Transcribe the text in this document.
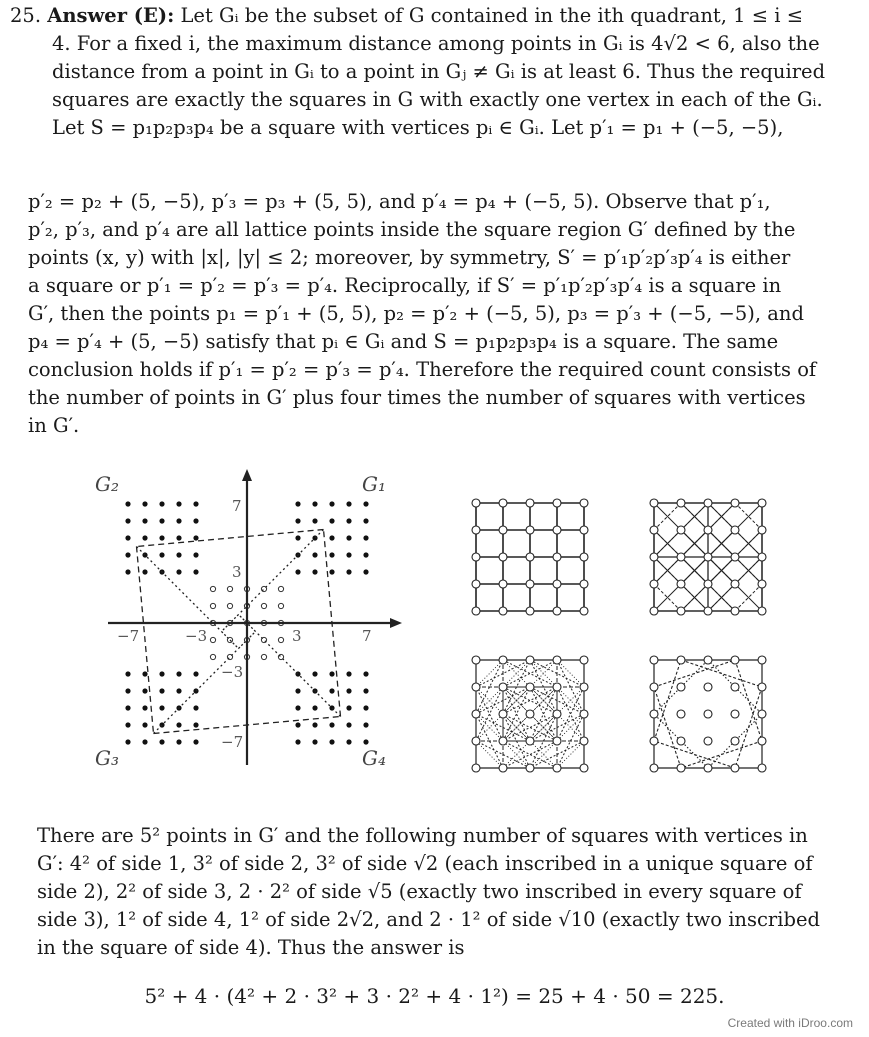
25. Answer (E): Let Gᵢ be the subset of G contained in the ith quadrant, 1 ≤ i ≤
4. For a fixed i, the maximum distance among points in Gᵢ is 4√2 < 6, also the
distance from a point in Gᵢ to a point in Gⱼ ≠ Gᵢ is at least 6. Thus the required
squares are exactly the squares in G with exactly one vertex in each of the Gᵢ.
Let S = p₁p₂p₃p₄ be a square with vertices pᵢ ∈ Gᵢ. Let p′₁ = p₁ + (−5, −5),
p′₂ = p₂ + (5, −5), p′₃ = p₃ + (5, 5), and p′₄ = p₄ + (−5, 5). Observe that p′₁,
p′₂, p′₃, and p′₄ are all lattice points inside the square region G′ defined by the
points (x, y) with |x|, |y| ≤ 2; moreover, by symmetry, S′ = p′₁p′₂p′₃p′₄ is either
a square or p′₁ = p′₂ = p′₃ = p′₄. Reciprocally, if S′ = p′₁p′₂p′₃p′₄ is a square in
G′, then the points p₁ = p′₁ + (5, 5), p₂ = p′₂ + (−5, 5), p₃ = p′₃ + (−5, −5), and
p₄ = p′₄ + (5, −5) satisfy that pᵢ ∈ Gᵢ and S = p₁p₂p₃p₄ is a square. The same
conclusion holds if p′₁ = p′₂ = p′₃ = p′₄. Therefore the required count consists of
the number of points in G′ plus four times the number of squares with vertices
in G′.
G₂	G₁
G₃	G₄
7
3
−3
−7
−7	−3	3	7
There are 5² points in G′ and the following number of squares with vertices in
G′: 4² of side 1, 3² of side 2, 3² of side √2 (each inscribed in a unique square of
side 2), 2² of side 3, 2 · 2² of side √5 (exactly two inscribed in every square of
side 3), 1² of side 4, 1² of side 2√2, and 2 · 1² of side √10 (exactly two inscribed
in the square of side 4). Thus the answer is
5² + 4 · (4² + 2 · 3² + 3 · 2² + 4 · 1²) = 25 + 4 · 50 = 225.
Created with iDroo.com
